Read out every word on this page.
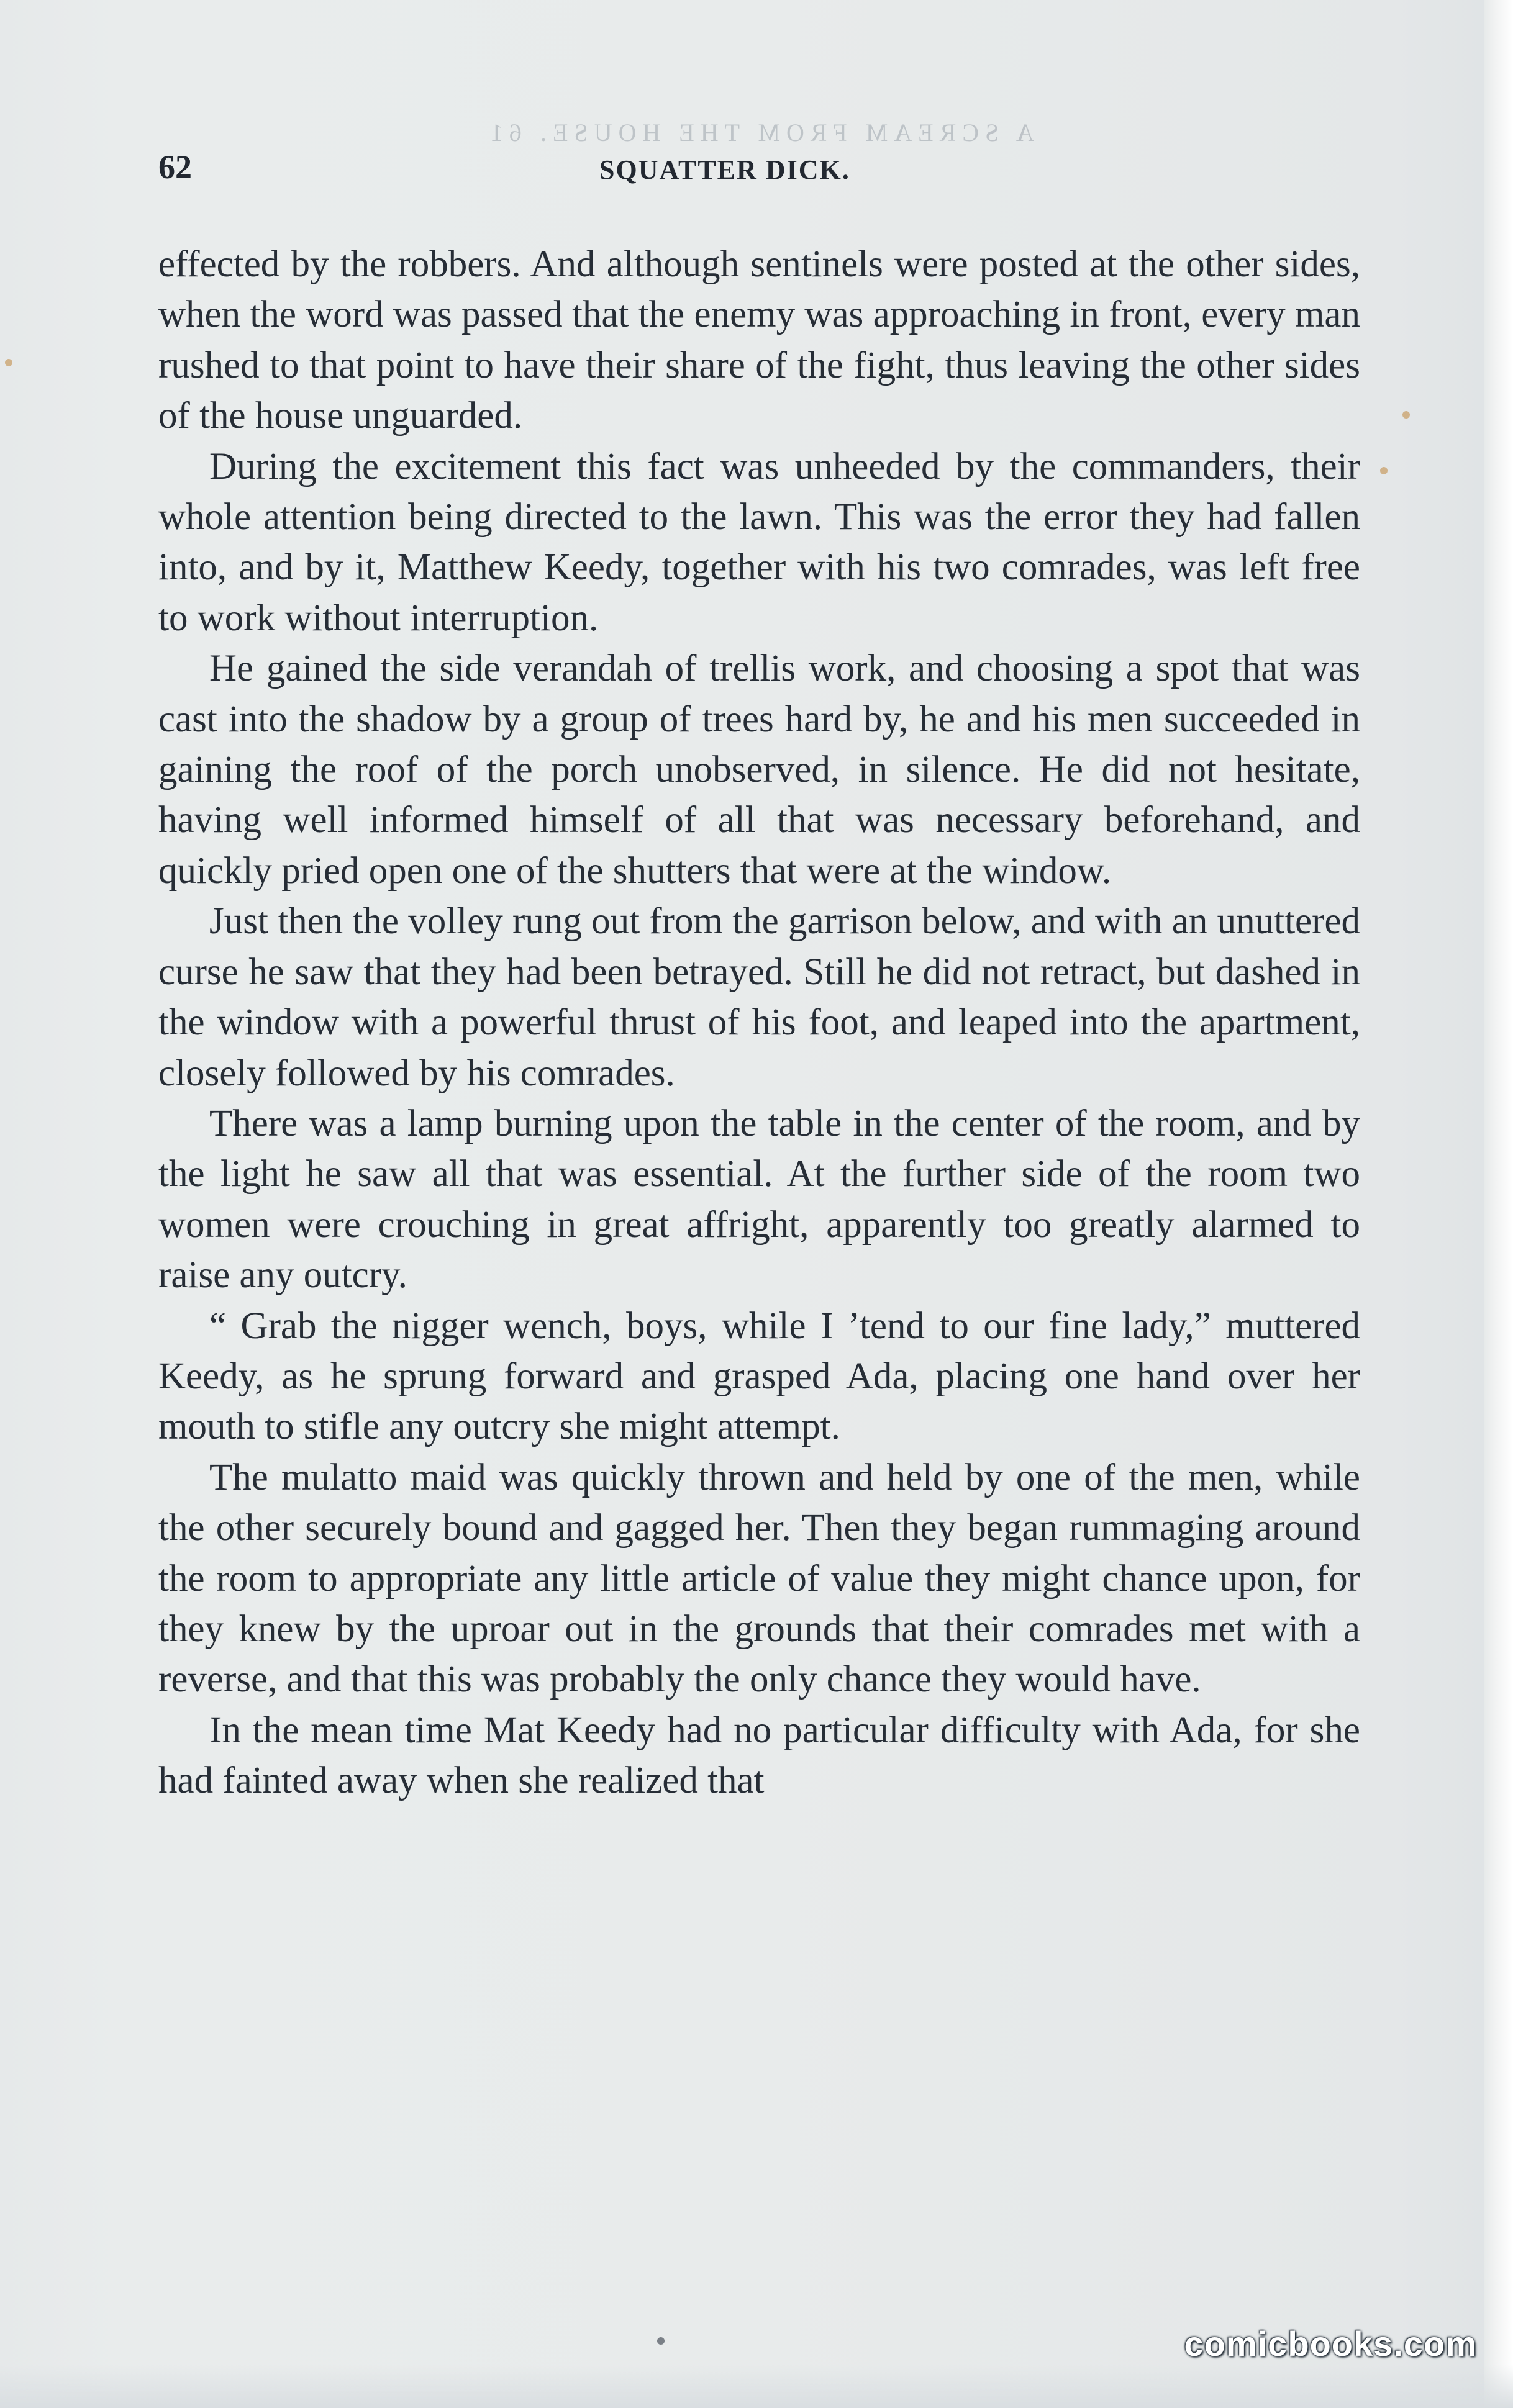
A SCREAM FROM THE HOUSE. 61
62	SQUATTER DICK.

effected by the robbers. And although sentinels were posted at the other sides, when the word was passed that the enemy was approaching in front, every man rushed to that point to have their share of the fight, thus leaving the other sides of the house unguarded.

During the excitement this fact was unheeded by the commanders, their whole attention being directed to the lawn. This was the error they had fallen into, and by it, Matthew Keedy, together with his two comrades, was left free to work without interruption.

He gained the side verandah of trellis work, and choosing a spot that was cast into the shadow by a group of trees hard by, he and his men succeeded in gaining the roof of the porch unobserved, in silence. He did not hesitate, having well informed himself of all that was necessary beforehand, and quickly pried open one of the shutters that were at the window.

Just then the volley rung out from the garrison below, and with an unuttered curse he saw that they had been betrayed. Still he did not retract, but dashed in the window with a powerful thrust of his foot, and leaped into the apartment, closely followed by his comrades.

There was a lamp burning upon the table in the center of the room, and by the light he saw all that was essential. At the further side of the room two women were crouching in great affright, apparently too greatly alarmed to raise any outcry.

“ Grab the nigger wench, boys, while I ’tend to our fine lady,” muttered Keedy, as he sprung forward and grasped Ada, placing one hand over her mouth to stifle any outcry she might attempt.

The mulatto maid was quickly thrown and held by one of the men, while the other securely bound and gagged her. Then they began rummaging around the room to appropriate any little article of value they might chance upon, for they knew by the uproar out in the grounds that their comrades met with a reverse, and that this was probably the only chance they would have.

In the mean time Mat Keedy had no particular difficulty with Ada, for she had fainted away when she realized that

comicbooks.com
